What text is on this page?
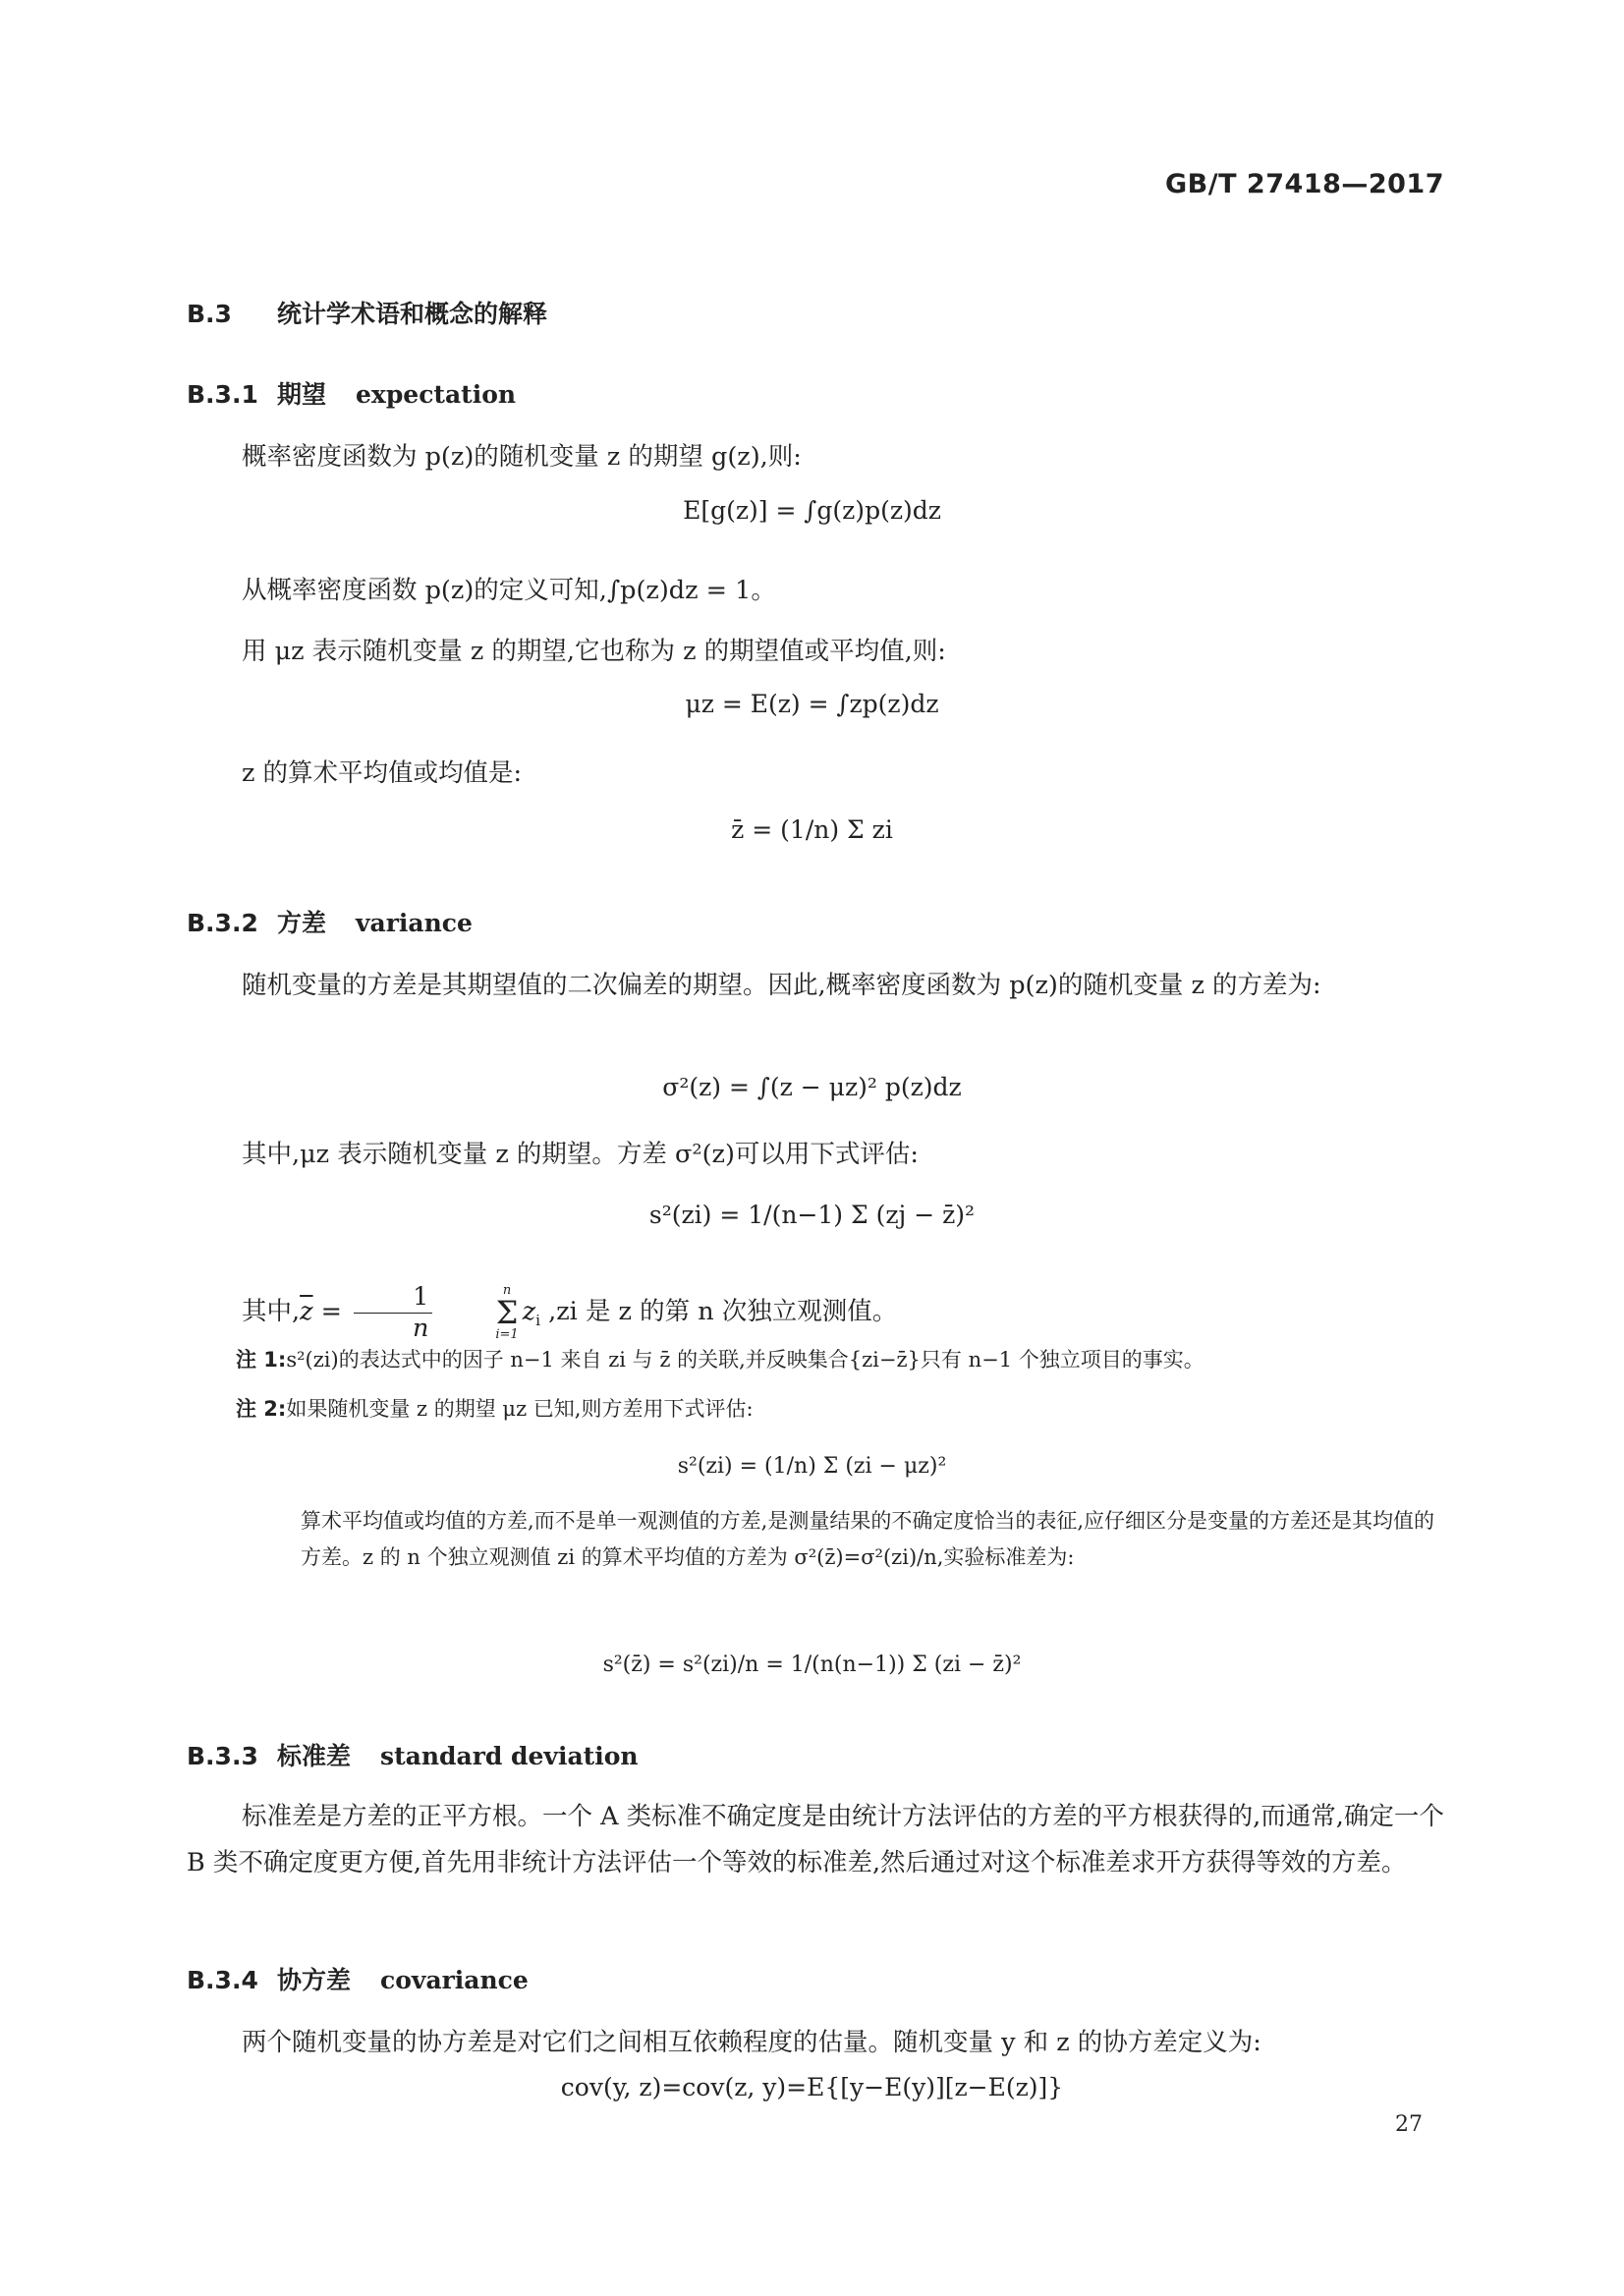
GB/T 27418—2017
B.3 统计学术语和概念的解释
B.3.1 期望 expectation
概率密度函数为 p(z)的随机变量 z 的期望 g(z),则:
E[g(z)] = ∫g(z)p(z)dz
从概率密度函数 p(z)的定义可知,∫p(z)dz = 1。
用 μz 表示随机变量 z 的期望,它也称为 z 的期望值或平均值,则:
μz = E(z) = ∫zp(z)dz
z 的算术平均值或均值是:
z̄ = (1/n) Σ zi
B.3.2 方差 variance
随机变量的方差是其期望值的二次偏差的期望。因此,概率密度函数为 p(z)的随机变量 z 的方差为:
σ²(z) = ∫(z − μz)² p(z)dz
其中,μz 表示随机变量 z 的期望。方差 σ²(z)可以用下式评估:
s²(zi) = 1/(n−1) Σ (zj − z̄)²
其中$,\overline{z} = \frac{1}{n}$	n
Σ
i=1
$z_i$ ,zi 是 z 的第 n 次独立观测值。
注 1:s²(zi)的表达式中的因子 n−1 来自 zi 与 z̄ 的关联,并反映集合{zi−z̄}只有 n−1 个独立项目的事实。
注 2:如果随机变量 z 的期望 μz 已知,则方差用下式评估:
s²(zi) = (1/n) Σ (zi − μz)²
算术平均值或均值的方差,而不是单一观测值的方差,是测量结果的不确定度恰当的表征,应仔细区分是变量的方差还是其均值的方差。z 的 n 个独立观测值 zi 的算术平均值的方差为 σ²(z̄)=σ²(zi)/n,实验标准差为:
s²(z̄) = s²(zi)/n = 1/(n(n−1)) Σ (zi − z̄)²
B.3.3 标准差 standard deviation
标准差是方差的正平方根。一个 A 类标准不确定度是由统计方法评估的方差的平方根获得的,而通常,确定一个 B 类不确定度更方便,首先用非统计方法评估一个等效的标准差,然后通过对这个标准差求开方获得等效的方差。
B.3.4 协方差 covariance
两个随机变量的协方差是对它们之间相互依赖程度的估量。随机变量 y 和 z 的协方差定义为:
cov(y, z)=cov(z, y)=E{[y−E(y)][z−E(z)]}
27
